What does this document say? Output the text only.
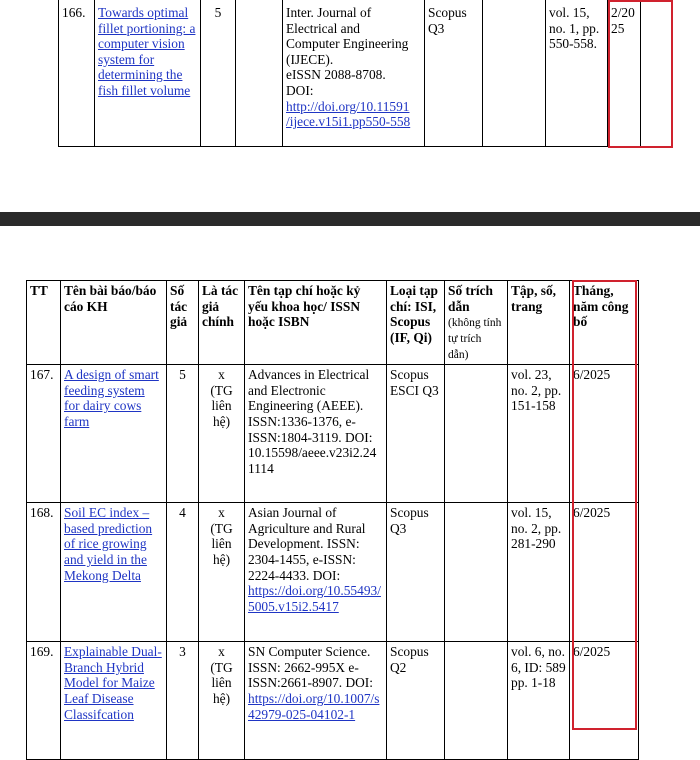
166.	Towards optimal fillet portioning: a computer vision system for determining the fish fillet volume	5		Inter. Journal of
Electrical and
Computer Engineering
(IJECE).
eISSN 2088-8708.
DOI:
http://doi.org/10.11591
/ijece.v15i1.pp550-558	Scopus Q3		vol. 15, no. 1, pp. 550-558.	2/2025
TT	Tên bài báo/báo cáo KH	Số tác giả	Là tác giả chính	Tên tạp chí hoặc kỷ yếu khoa học/ ISSN hoặc ISBN	Loại tạp chí: ISI, Scopus (IF, Qi)	Số trích dẫn
(không tính tự trích dẫn)	Tập, số, trang	Tháng, năm công bố
167.	A design of smart feeding system for dairy cows farm	5	x
(TG liên hệ)	Advances in Electrical and Electronic Engineering (AEEE). ISSN:1336-1376, e-ISSN:1804-3119. DOI: 10.15598/aeee.v23i2.24 1114	Scopus ESCI Q3		vol. 23, no. 2, pp. 151-158	6/2025
168.	Soil EC index – based prediction of rice growing and yield in the Mekong Delta	4	x
(TG liên hệ)	Asian Journal of Agriculture and Rural Development. ISSN: 2304-1455, e-ISSN: 2224-4433. DOI:
https://doi.org/10.55493/5005.v15i2.5417	Scopus Q3		vol. 15, no. 2, pp. 281-290	6/2025
169.	Explainable Dual-Branch Hybrid Model for Maize Leaf Disease Classifcation	3	x
(TG liên hệ)	SN Computer Science. ISSN: 2662-995X e-ISSN:2661-8907. DOI:
https://doi.org/10.1007/s42979-025-04102-1	Scopus Q2		vol. 6, no. 6, ID: 589 pp. 1-18	6/2025
